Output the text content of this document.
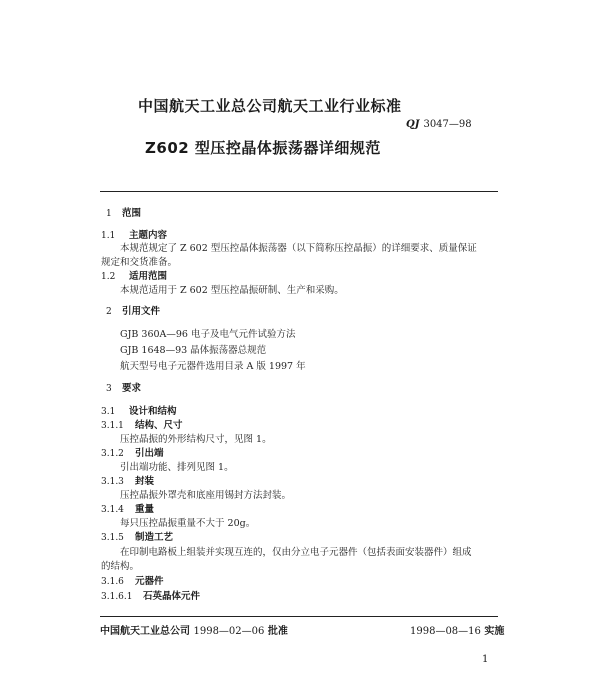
中国航天工业总公司航天工业行业标准
QJ 3047—98
Z602 型压控晶体振荡器详细规范
1 范围
1.1 主题内容
本规范规定了 Z 602 型压控晶体振荡器（以下简称压控晶振）的详细要求、质量保证
规定和交货准备。
1.2 适用范围
本规范适用于 Z 602 型压控晶振研制、生产和采购。
2 引用文件
GJB 360A—96 电子及电气元件试验方法
GJB 1648—93 晶体振荡器总规范
航天型号电子元器件选用目录 A 版 1997 年
3 要求
3.1 设计和结构
3.1.1 结构、尺寸
压控晶振的外形结构尺寸，见图 1。
3.1.2 引出端
引出端功能、排列见图 1。
3.1.3 封装
压控晶振外罩壳和底座用锡封方法封装。
3.1.4 重量
每只压控晶振重量不大于 20g。
3.1.5 制造工艺
在印制电路板上组装并实现互连的，仅由分立电子元器件（包括表面安装器件）组成
的结构。
3.1.6 元器件
3.1.6.1 石英晶体元件
中国航天工业总公司 1998—02—06 批准	1998—08—16 实施
1
